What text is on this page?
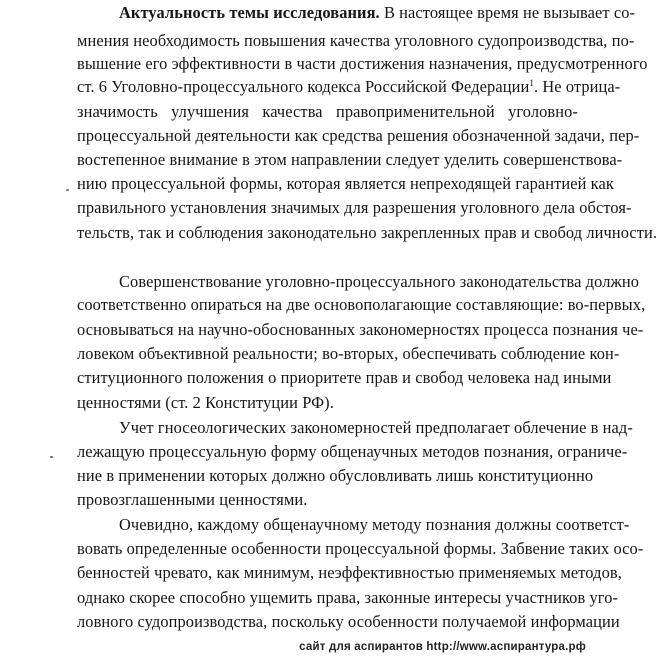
Актуальность темы исследования. В настоящее время не вызывает со-
мнения необходимость повышения качества уголовного судопроизводства, по-
вышение его эффективности в части достижения назначения, предусмотренного
ст. 6 Уголовно-процессуального кодекса Российской Федерации$^1$. Не отрица-
значимость улучшения качества правоприменительной уголовно-
процессуальной деятельности как средства решения обозначенной задачи, пер-
востепенное внимание в этом направлении следует уделить совершенствова-
нию процессуальной формы, которая является непреходящей гарантией как
правильного установления значимых для разрешения уголовного дела обстоя-
тельств, так и соблюдения законодательно закрепленных прав и свобод личности.
Совершенствование уголовно-процессуального законодательства должно
соответственно опираться на две основополагающие составляющие: во-первых,
основываться на научно-обоснованных закономерностях процесса познания че-
ловеком объективной реальности; во-вторых, обеспечивать соблюдение кон-
ституционного положения о приоритете прав и свобод человека над иными
ценностями (ст. 2 Конституции РФ).
Учет гносеологических закономерностей предполагает облечение в над-
лежащую процессуальную форму общенаучных методов познания, ограниче-
ние в применении которых должно обусловливать лишь конституционно
провозглашенными ценностями.
Очевидно, каждому общенаучному методу познания должны соответст-
вовать определенные особенности процессуальной формы. Забвение таких осо-
бенностей чревато, как минимум, неэффективностью применяемых методов,
однако скорее способно ущемить права, законные интересы участников уго-
ловного судопроизводства, поскольку особенности получаемой информации
сайт для аспирантов http://www.аспирантура.рф
